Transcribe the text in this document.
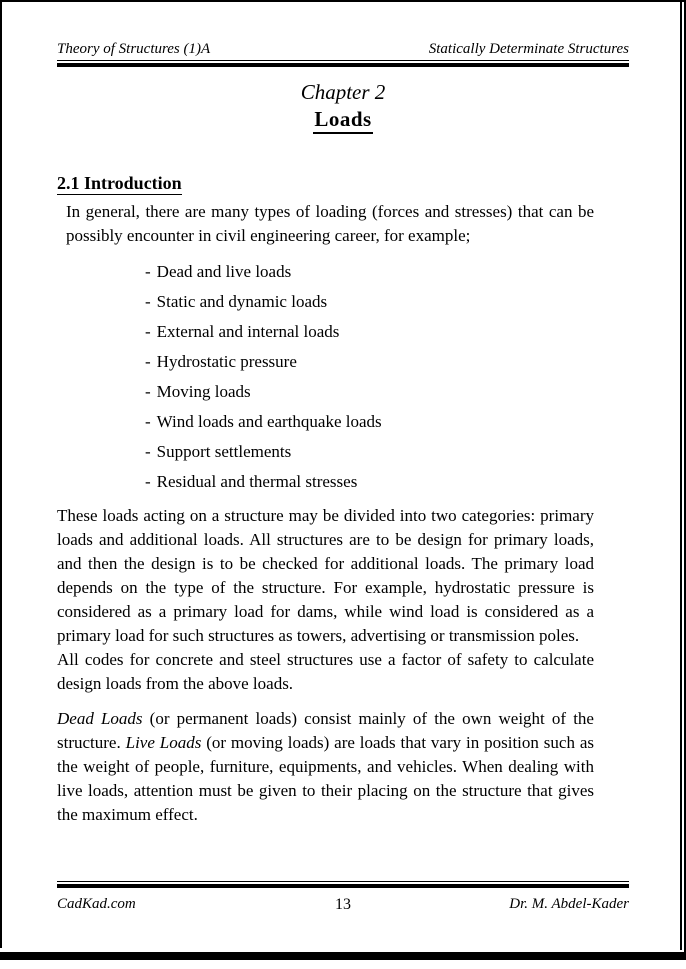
Theory of Structures (1)A	Statically Determinate Structures
Chapter 2
Loads
2.1 Introduction

In general, there are many types of loading (forces and stresses) that can be possibly encounter in civil engineering career, for example;

- Dead and live loads
- Static and dynamic loads
- External and internal loads
- Hydrostatic pressure
- Moving loads
- Wind loads and earthquake loads
- Support settlements
- Residual and thermal stresses

These loads acting on a structure may be divided into two categories: primary loads and additional loads. All structures are to be design for primary loads, and then the design is to be checked for additional loads. The primary load depends on the type of the structure. For example, hydrostatic pressure is considered as a primary load for dams, while wind load is considered as a primary load for such structures as towers, advertising or transmission poles.

All codes for concrete and steel structures use a factor of safety to calculate design loads from the above loads.

Dead Loads (or permanent loads) consist mainly of the own weight of the structure. Live Loads (or moving loads) are loads that vary in position such as the weight of people, furniture, equipments, and vehicles. When dealing with live loads, attention must be given to their placing on the structure that gives the maximum effect.

CadKad.com	13	Dr. M. Abdel-Kader
